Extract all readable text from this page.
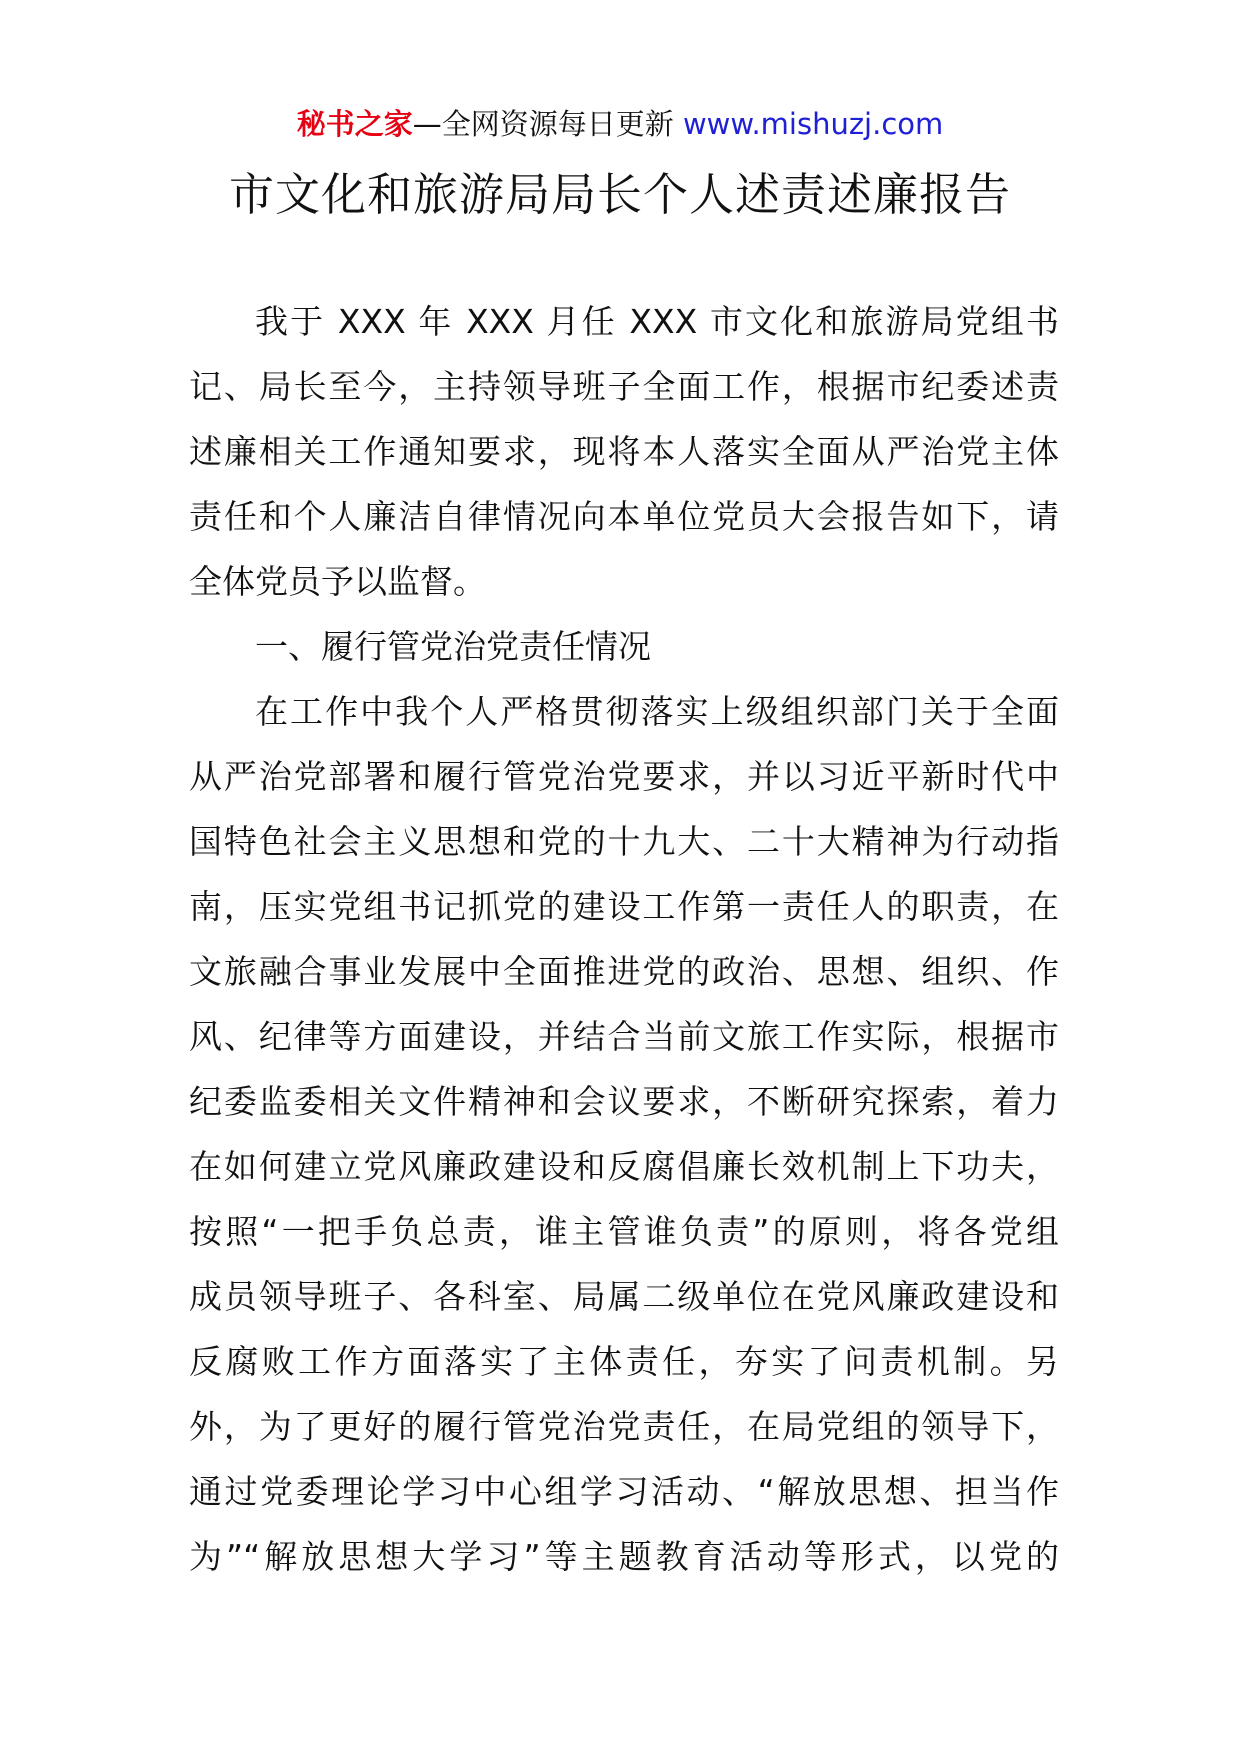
秘书之家—全网资源每日更新 www.mishuzj.com
市文化和旅游局局长个人述责述廉报告
我于 XXX 年 XXX 月任 XXX 市文化和旅游局党组书
记、局长至今，主持领导班子全面工作，根据市纪委述责
述廉相关工作通知要求，现将本人落实全面从严治党主体
责任和个人廉洁自律情况向本单位党员大会报告如下，请
全体党员予以监督。
一、履行管党治党责任情况
在工作中我个人严格贯彻落实上级组织部门关于全面
从严治党部署和履行管党治党要求，并以习近平新时代中
国特色社会主义思想和党的十九大、二十大精神为行动指
南，压实党组书记抓党的建设工作第一责任人的职责，在
文旅融合事业发展中全面推进党的政治、思想、组织、作
风、纪律等方面建设，并结合当前文旅工作实际，根据市
纪委监委相关文件精神和会议要求，不断研究探索，着力
在如何建立党风廉政建设和反腐倡廉长效机制上下功夫，
按照“一把手负总责，谁主管谁负责”的原则，将各党组
成员领导班子、各科室、局属二级单位在党风廉政建设和
反腐败工作方面落实了主体责任，夯实了问责机制。另
外，为了更好的履行管党治党责任，在局党组的领导下，
通过党委理论学习中心组学习活动、“解放思想、担当作
为”“解放思想大学习”等主题教育活动等形式，以党的
